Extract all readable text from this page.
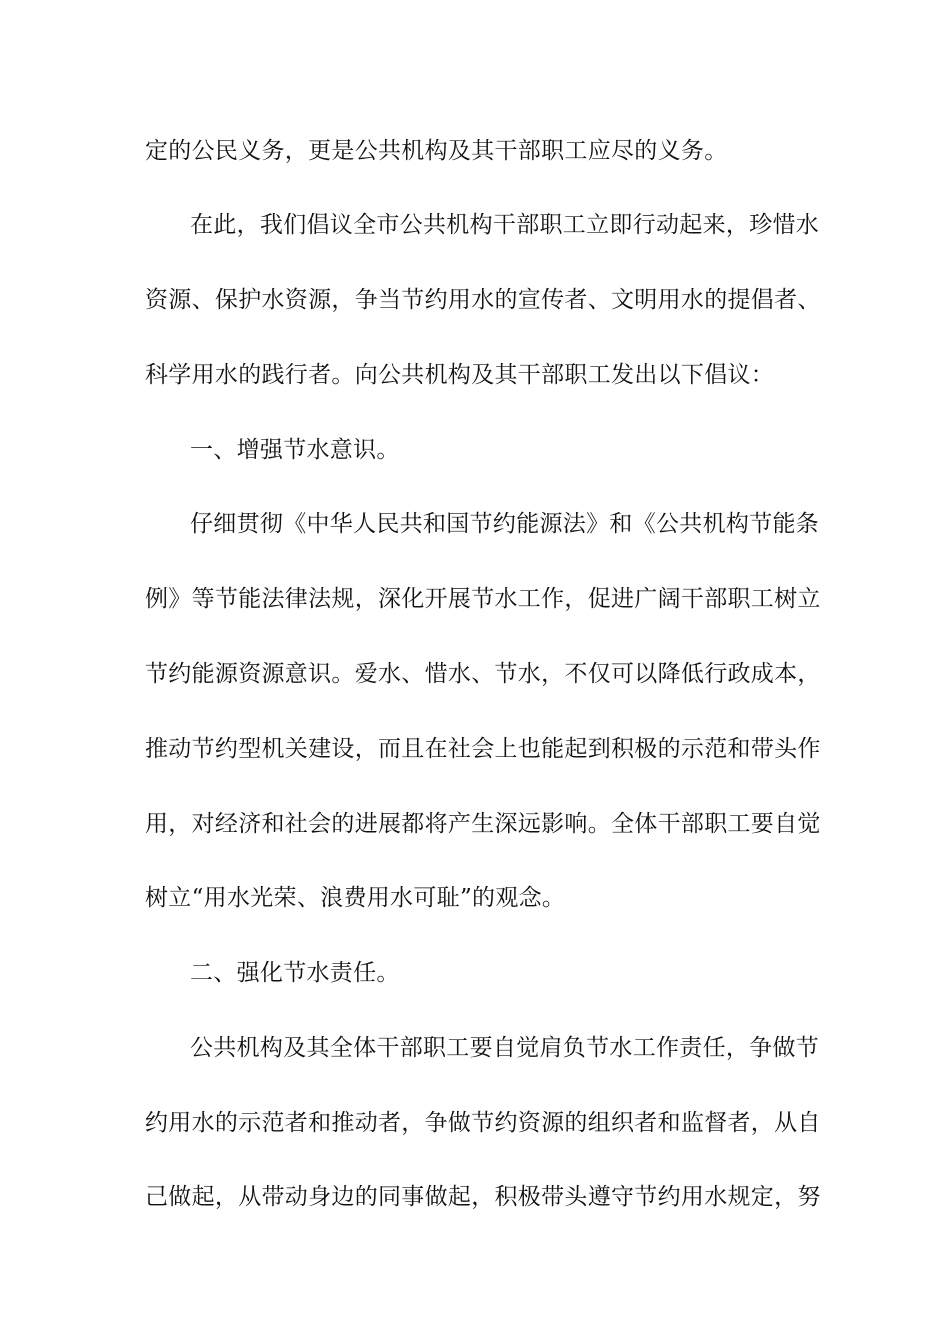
定的公民义务，更是公共机构及其干部职工应尽的义务。
在此，我们倡议全市公共机构干部职工立即行动起来，珍惜水
资源、保护水资源，争当节约用水的宣传者、文明用水的提倡者、
科学用水的践行者。向公共机构及其干部职工发出以下倡议：
一、增强节水意识。
仔细贯彻《中华人民共和国节约能源法》和《公共机构节能条
例》等节能法律法规，深化开展节水工作，促进广阔干部职工树立
节约能源资源意识。爱水、惜水、节水，不仅可以降低行政成本，
推动节约型机关建设，而且在社会上也能起到积极的示范和带头作
用，对经济和社会的进展都将产生深远影响。全体干部职工要自觉
树立“用水光荣、浪费用水可耻”的观念。
二、强化节水责任。
公共机构及其全体干部职工要自觉肩负节水工作责任，争做节
约用水的示范者和推动者，争做节约资源的组织者和监督者，从自
己做起，从带动身边的同事做起，积极带头遵守节约用水规定，努
